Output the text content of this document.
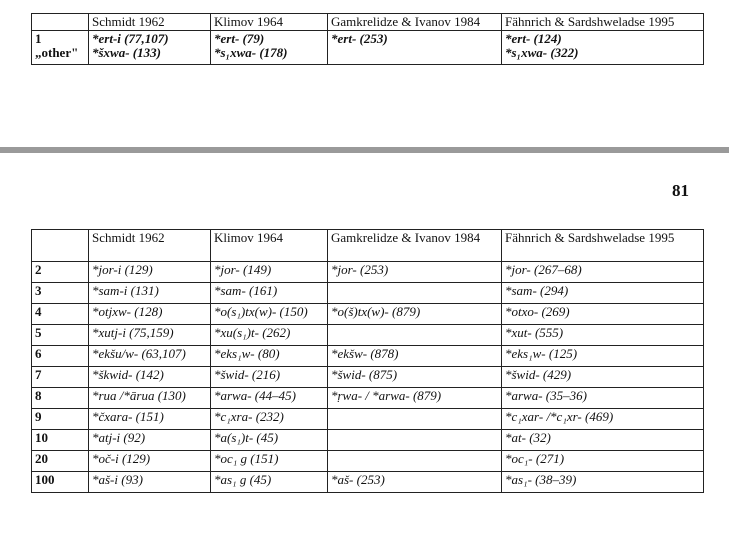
	Schmidt 1962	Klimov 1964	Gamkrelidze & Ivanov 1984	Fähnrich & Sardshweladse 1995

1
„other"	*ert-i (77,107)
*šxwa- (133)	*ert- (79)
*s₁xwa- (178)	*ert- (253)	*ert- (124)
*s₁xwa- (322)
81
	Schmidt 1962	Klimov 1964	Gamkrelidze & Ivanov 1984	Fähnrich & Sardshweladse 1995
2	*jor-i (129)	*jor- (149)	*jor- (253)	*jor- (267–68)
3	*sam-i (131)	*sam- (161)		*sam- (294)
4	*otjxw- (128)	*o(s₁)tx(w)- (150)	*o(š)tx(w)- (879)	*otxo- (269)
5	*xutj-i (75,159)	*xu(s₁)t- (262)		*xut- (555)
6	*ekšu/w- (63,107)	*eks₁w- (80)	*ekšw- (878)	*eks₁w- (125)
7	*škwid- (142)	*šwid- (216)	*šwid- (875)	*šwid- (429)
8	*rua /*ārua (130)	*arwa- (44–45)	*ṛwa- / *arwa- (879)	*arwa- (35–36)
9	*čxara- (151)	*c₁xra- (232)		*c₁xar- /*c₁xr- (469)
10	*atj-i (92)	*a(s₁)t- (45)		*at- (32)
20	*oč-i (129)	*oc₁ g (151)		*oc₁- (271)
100	*aš-i (93)	*as₁ g (45)	*aš- (253)	*as₁- (38–39)
